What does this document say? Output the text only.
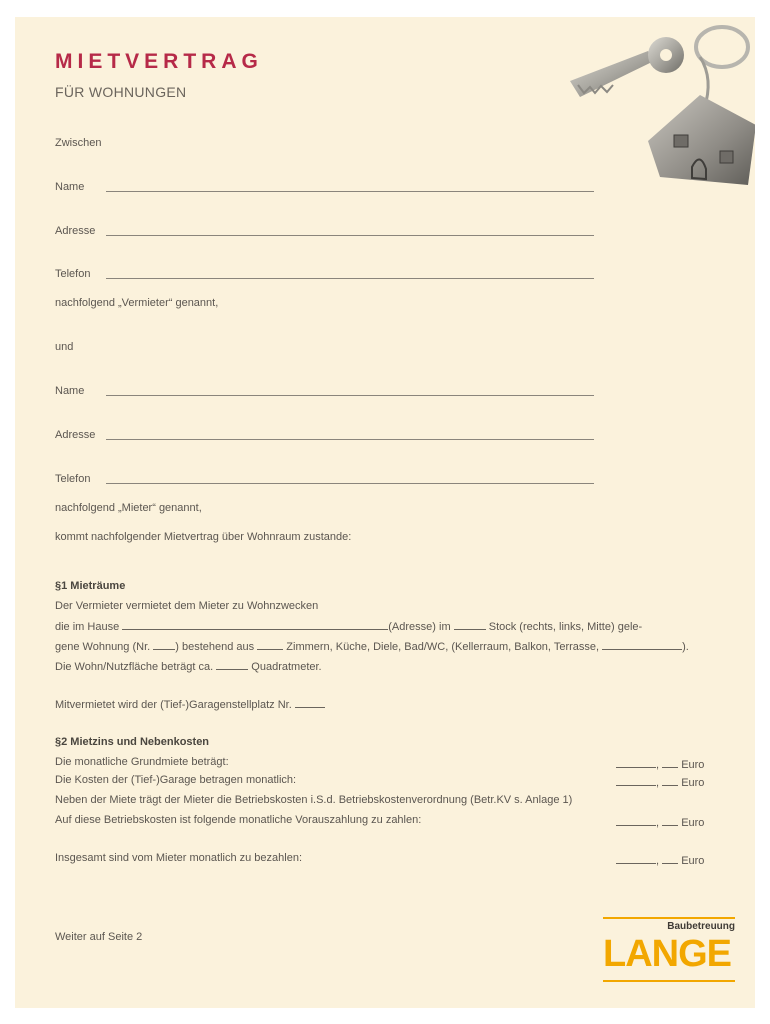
MIETVERTRAG
FÜR WOHNUNGEN
Zwischen
Name
Adresse
Telefon
nachfolgend „Vermieter“ genannt,
und
Name
Adresse
Telefon
nachfolgend „Mieter“ genannt,
kommt nachfolgender Mietvertrag über Wohnraum zustande:
§1 Mieträume
Der Vermieter vermietet dem Mieter zu Wohnzwecken
die im Hause	(Adresse) im	Stock (rechts, links, Mitte) gele-
gene Wohnung (Nr. ) bestehend aus	Zimmern, Küche, Diele, Bad/WC, (Kellerraum, Balkon, Terrasse,	).
Die Wohn/Nutzfläche beträgt ca.	Quadratmeter.
Mitvermietet wird der (Tief-)Garagenstellplatz Nr.
§2 Mietzins und Nebenkosten
Die monatliche Grundmiete beträgt:	, Euro
Die Kosten der (Tief-)Garage betragen monatlich:	, Euro
Neben der Miete trägt der Mieter die Betriebskosten i.S.d. Betriebskostenverordnung (Betr.KV s. Anlage 1)
Auf diese Betriebskosten ist folgende monatliche Vorauszahlung zu zahlen:	, Euro
Insgesamt sind vom Mieter monatlich zu bezahlen:	, Euro
Weiter auf Seite 2
Baubetreuung
LANGE
